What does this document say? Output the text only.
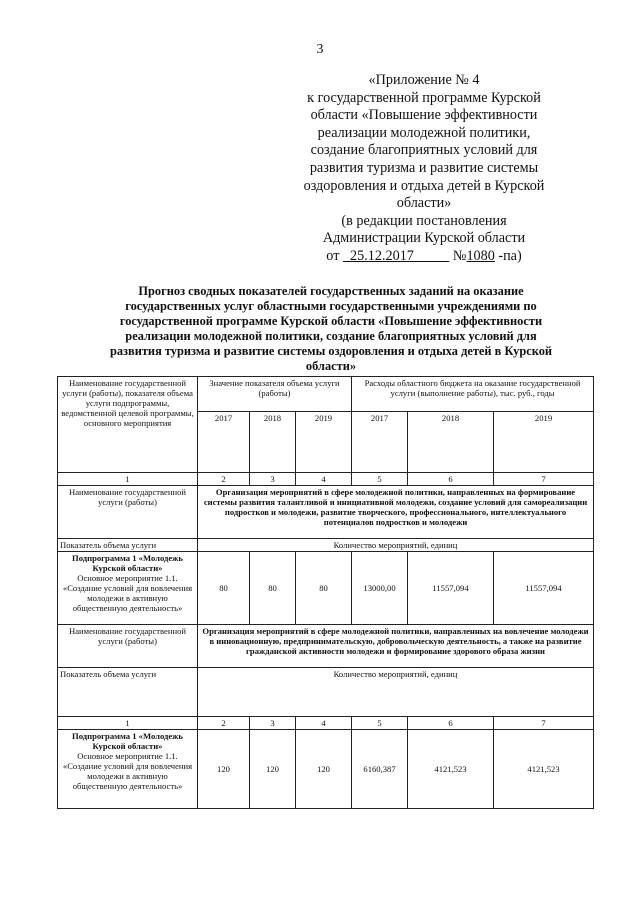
3
«Приложение № 4
к государственной программе Курской
области «Повышение эффективности
реализации молодежной политики,
создание благоприятных условий для
развития туризма и развитие системы
оздоровления и отдыха детей в Курской
области»
(в редакции постановления
Администрации Курской области
от 25.12.2017	№1080 -па)
Прогноз сводных показателей государственных заданий на оказание государственных услуг областными государственными учреждениями по государственной программе Курской области «Повышение эффективности реализации молодежной политики, создание благоприятных условий для развития туризма и развитие системы оздоровления и отдыха детей в Курской области»
Наименование государственной услуги (работы), показателя объема услуги подпрограммы, ведомственной целевой программы, основного мероприятия	Значение показателя объема услуги (работы)			Расходы областного бюджета на оказание государственной услуги (выполнение работы), тыс. руб., годы		
	2017	2018	2019	2017	2018	2019
1	2	3	4	5	6	7
Наименование государственной услуги (работы)	Организация мероприятий в сфере молодежной политики, направленных на формирование системы развития талантливой и инициативной молодежи, создание условий для самореализации подростков и молодежи, развитие творческого, профессионального, интеллектуального потенциалов подростков и молодежи					
Показатель объема услуги	Количество мероприятий, единиц					

Подпрограмма 1 «Молодежь Курской области»
Основное мероприятие 1.1. «Создание условий для вовлечения молодежи в активную общественную деятельность»	80	80	80	13000,00	11557,094	11557,094
Наименование государственной услуги (работы)	Организация мероприятий в сфере молодежной политики, направленных на вовлечение молодежи в инновационную, предпринимательскую, добровольческую деятельность, а также на развитие гражданской активности молодежи и формирование здорового образа жизни					
Показатель объема услуги	Количество мероприятий, единиц					
1	2	3	4	5	6	7

Подпрограмма 1 «Молодежь Курской области»
Основное мероприятие 1.1. «Создание условий для вовлечения молодежи в активную общественную деятельность»	120	120	120	6160,387	4121,523	4121,523
